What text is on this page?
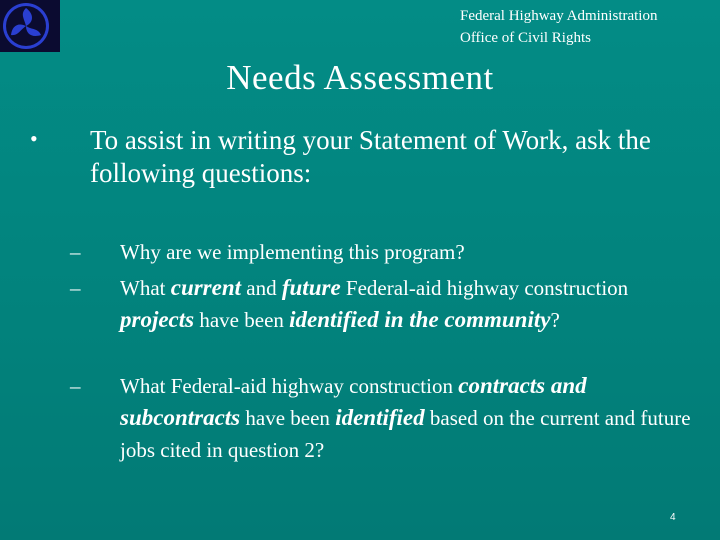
Federal Highway Administration
Office of Civil Rights
Needs Assessment
• To assist in writing your Statement of Work, ask the following questions:
– Why are we implementing this program?
– What current and future Federal-aid highway construction projects have been identified in the community?
– What Federal-aid highway construction contracts and subcontracts have been identified based on the current and future jobs cited in question 2?
4
